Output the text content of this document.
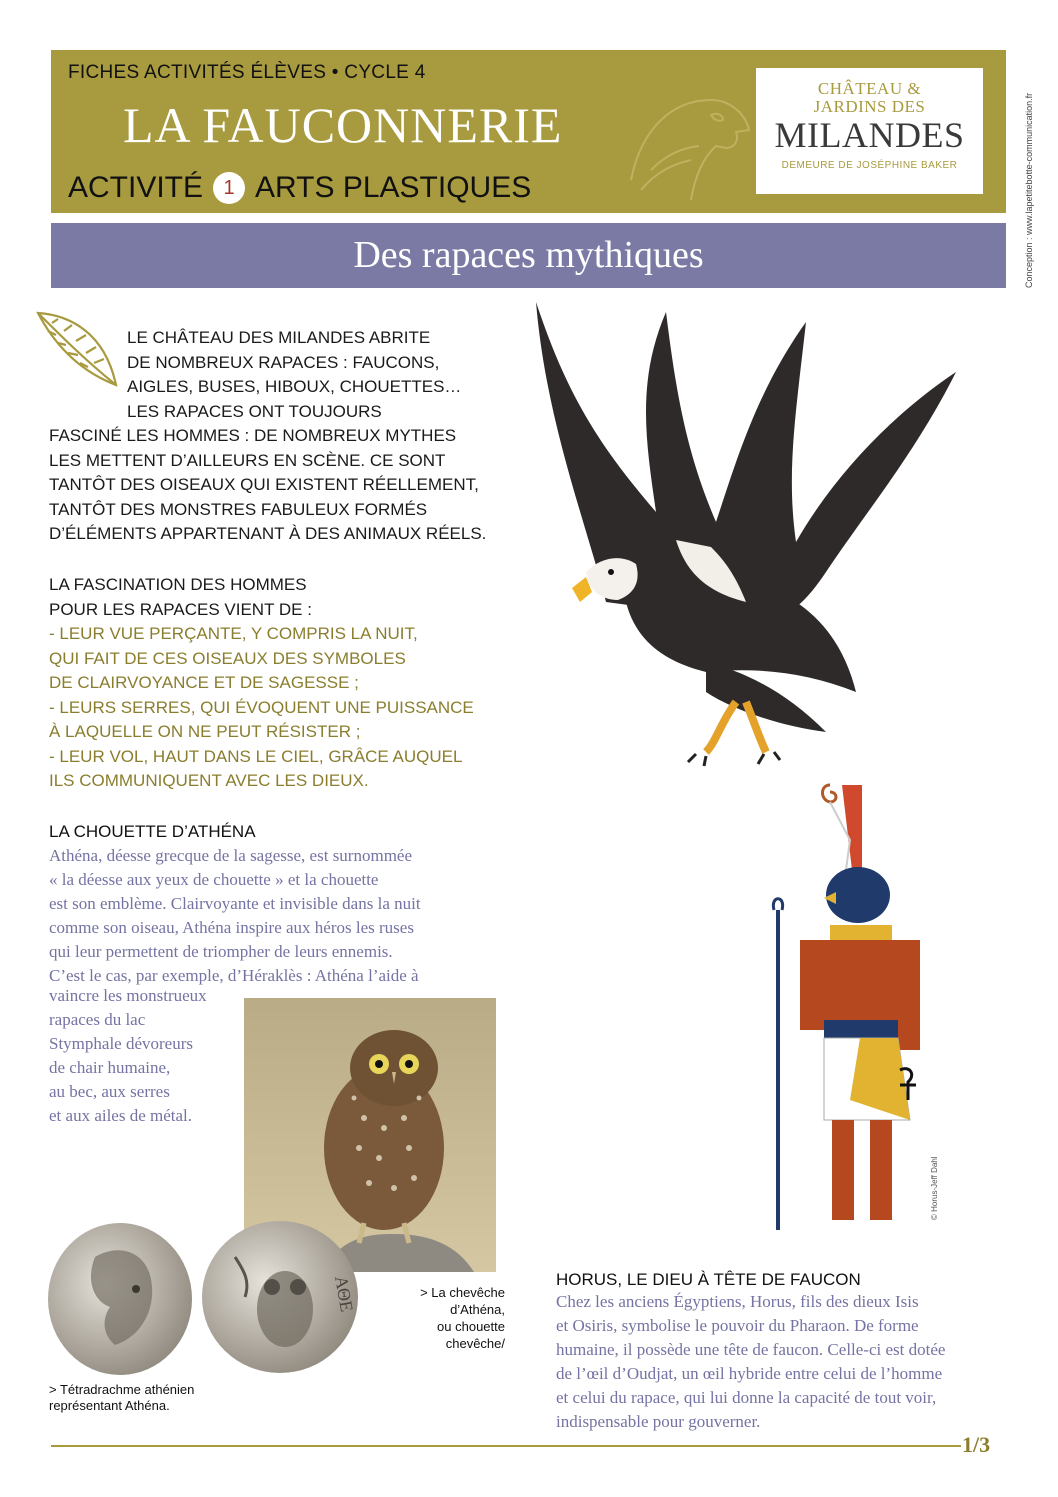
FICHES ACTIVITÉS ÉLÈVES • CYCLE 4
LA FAUCONNERIE
ACTIVITÉ	1 ARTS PLASTIQUES
CHÂTEAU &
JARDINS DES
MILANDES
DEMEURE DE JOSÉPHINE BAKER	Conception : www.lapetitebotte-communication.fr
Des rapaces mythiques
LE CHÂTEAU DES MILANDES ABRITE
DE NOMBREUX RAPACES : FAUCONS,
AIGLES, BUSES, HIBOUX, CHOUETTES…
LES RAPACES ONT TOUJOURS
FASCINÉ LES HOMMES : DE NOMBREUX MYTHES
LES METTENT D’AILLEURS EN SCÈNE. CE SONT
TANTÔT DES OISEAUX QUI EXISTENT RÉELLEMENT,
TANTÔT DES MONSTRES FABULEUX FORMÉS
D’ÉLÉMENTS APPARTENANT À DES ANIMAUX RÉELS.
LA FASCINATION DES HOMMES
POUR LES RAPACES VIENT DE :
- LEUR VUE PERÇANTE, Y COMPRIS LA NUIT,
QUI FAIT DE CES OISEAUX DES SYMBOLES
DE CLAIRVOYANCE ET DE SAGESSE ;
- LEURS SERRES, QUI ÉVOQUENT UNE PUISSANCE
À LAQUELLE ON NE PEUT RÉSISTER ;
- LEUR VOL, HAUT DANS LE CIEL, GRÂCE AUQUEL
ILS COMMUNIQUENT AVEC LES DIEUX.
LA CHOUETTE D’ATHÉNA
Athéna, déesse grecque de la sagesse, est surnommée
« la déesse aux yeux de chouette » et la chouette
est son emblème. Clairvoyante et invisible dans la nuit
comme son oiseau, Athéna inspire aux héros les ruses
qui leur permettent de triompher de leurs ennemis.
C’est le cas, par exemple, d’Héraklès : Athéna l’aide à
vaincre les monstrueux
rapaces du lac
Stymphale dévoreurs
de chair humaine,
au bec, aux serres
et aux ailes de métal.
ΑΘΕ	> La chevêche
d’Athéna,
ou chouette
chevêche/
> Tétradrachme athénien
représentant Athéna.
© Horus-Jeff Dahl
HORUS, LE DIEU À TÊTE DE FAUCON
Chez les anciens Égyptiens, Horus, fils des dieux Isis
et Osiris, symbolise le pouvoir du Pharaon. De forme
humaine, il possède une tête de faucon. Celle-ci est dotée
de l’œil d’Oudjat, un œil hybride entre celui de l’homme
et celui du rapace, qui lui donne la capacité de tout voir,
indispensable pour gouverner.
1/3
